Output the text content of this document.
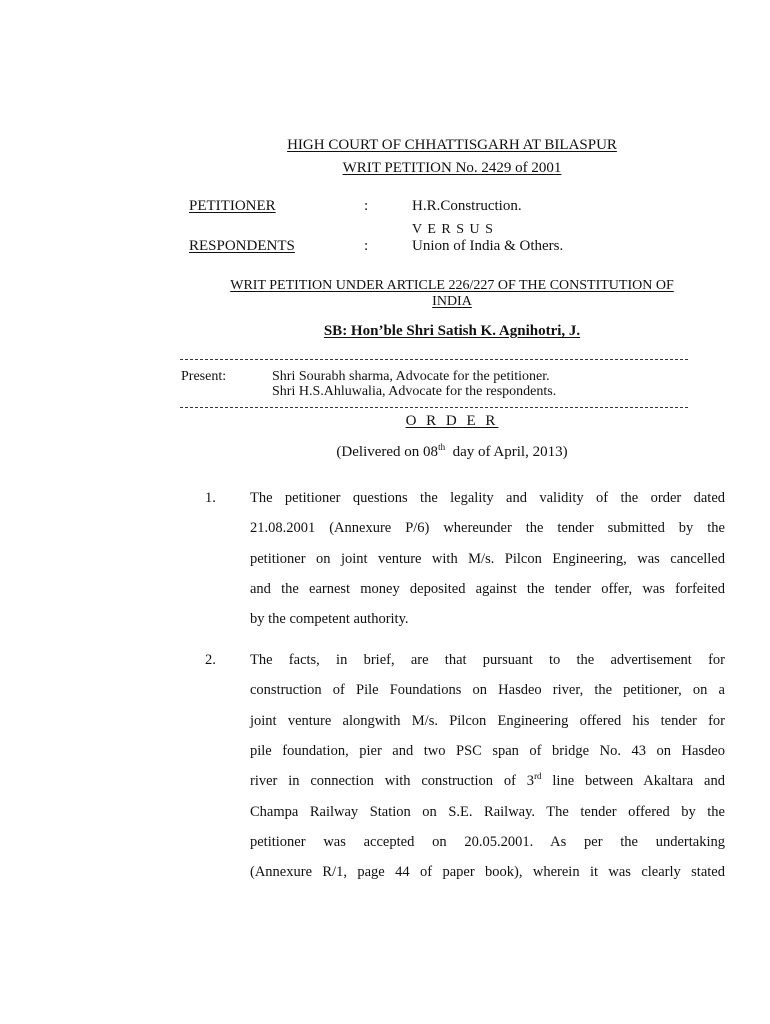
HIGH COURT OF CHHATTISGARH AT BILASPUR
WRIT PETITION No. 2429 of 2001
PETITIONER	:	H.R.Construction.
V E R S U S
RESPONDENTS	:	Union of India & Others.
WRIT PETITION UNDER ARTICLE 226/227 OF THE CONSTITUTION OF
INDIA
SB: Hon’ble Shri Satish K. Agnihotri, J.
Present:	Shri Sourabh sharma, Advocate for the petitioner.
Shri H.S.Ahluwalia, Advocate for the respondents.
O R D E R
(Delivered on 08th  day of April, 2013)
1. The petitioner questions the legality and validity of the order dated
21.08.2001 (Annexure P/6) whereunder the tender submitted by the
petitioner on joint venture with M/s. Pilcon Engineering, was cancelled
and the earnest money deposited against the tender offer, was forfeited
by the competent authority.
2. The facts, in brief, are that pursuant to the advertisement for
construction of Pile Foundations on Hasdeo river, the petitioner, on a
joint venture alongwith M/s. Pilcon Engineering offered his tender for
pile foundation, pier and two PSC span of bridge No. 43 on Hasdeo
river in connection with construction of 3rd line between Akaltara and
Champa Railway Station on S.E. Railway. The tender offered by the
petitioner was accepted on 20.05.2001. As per the undertaking
(Annexure R/1, page 44 of paper book), wherein it was clearly stated
